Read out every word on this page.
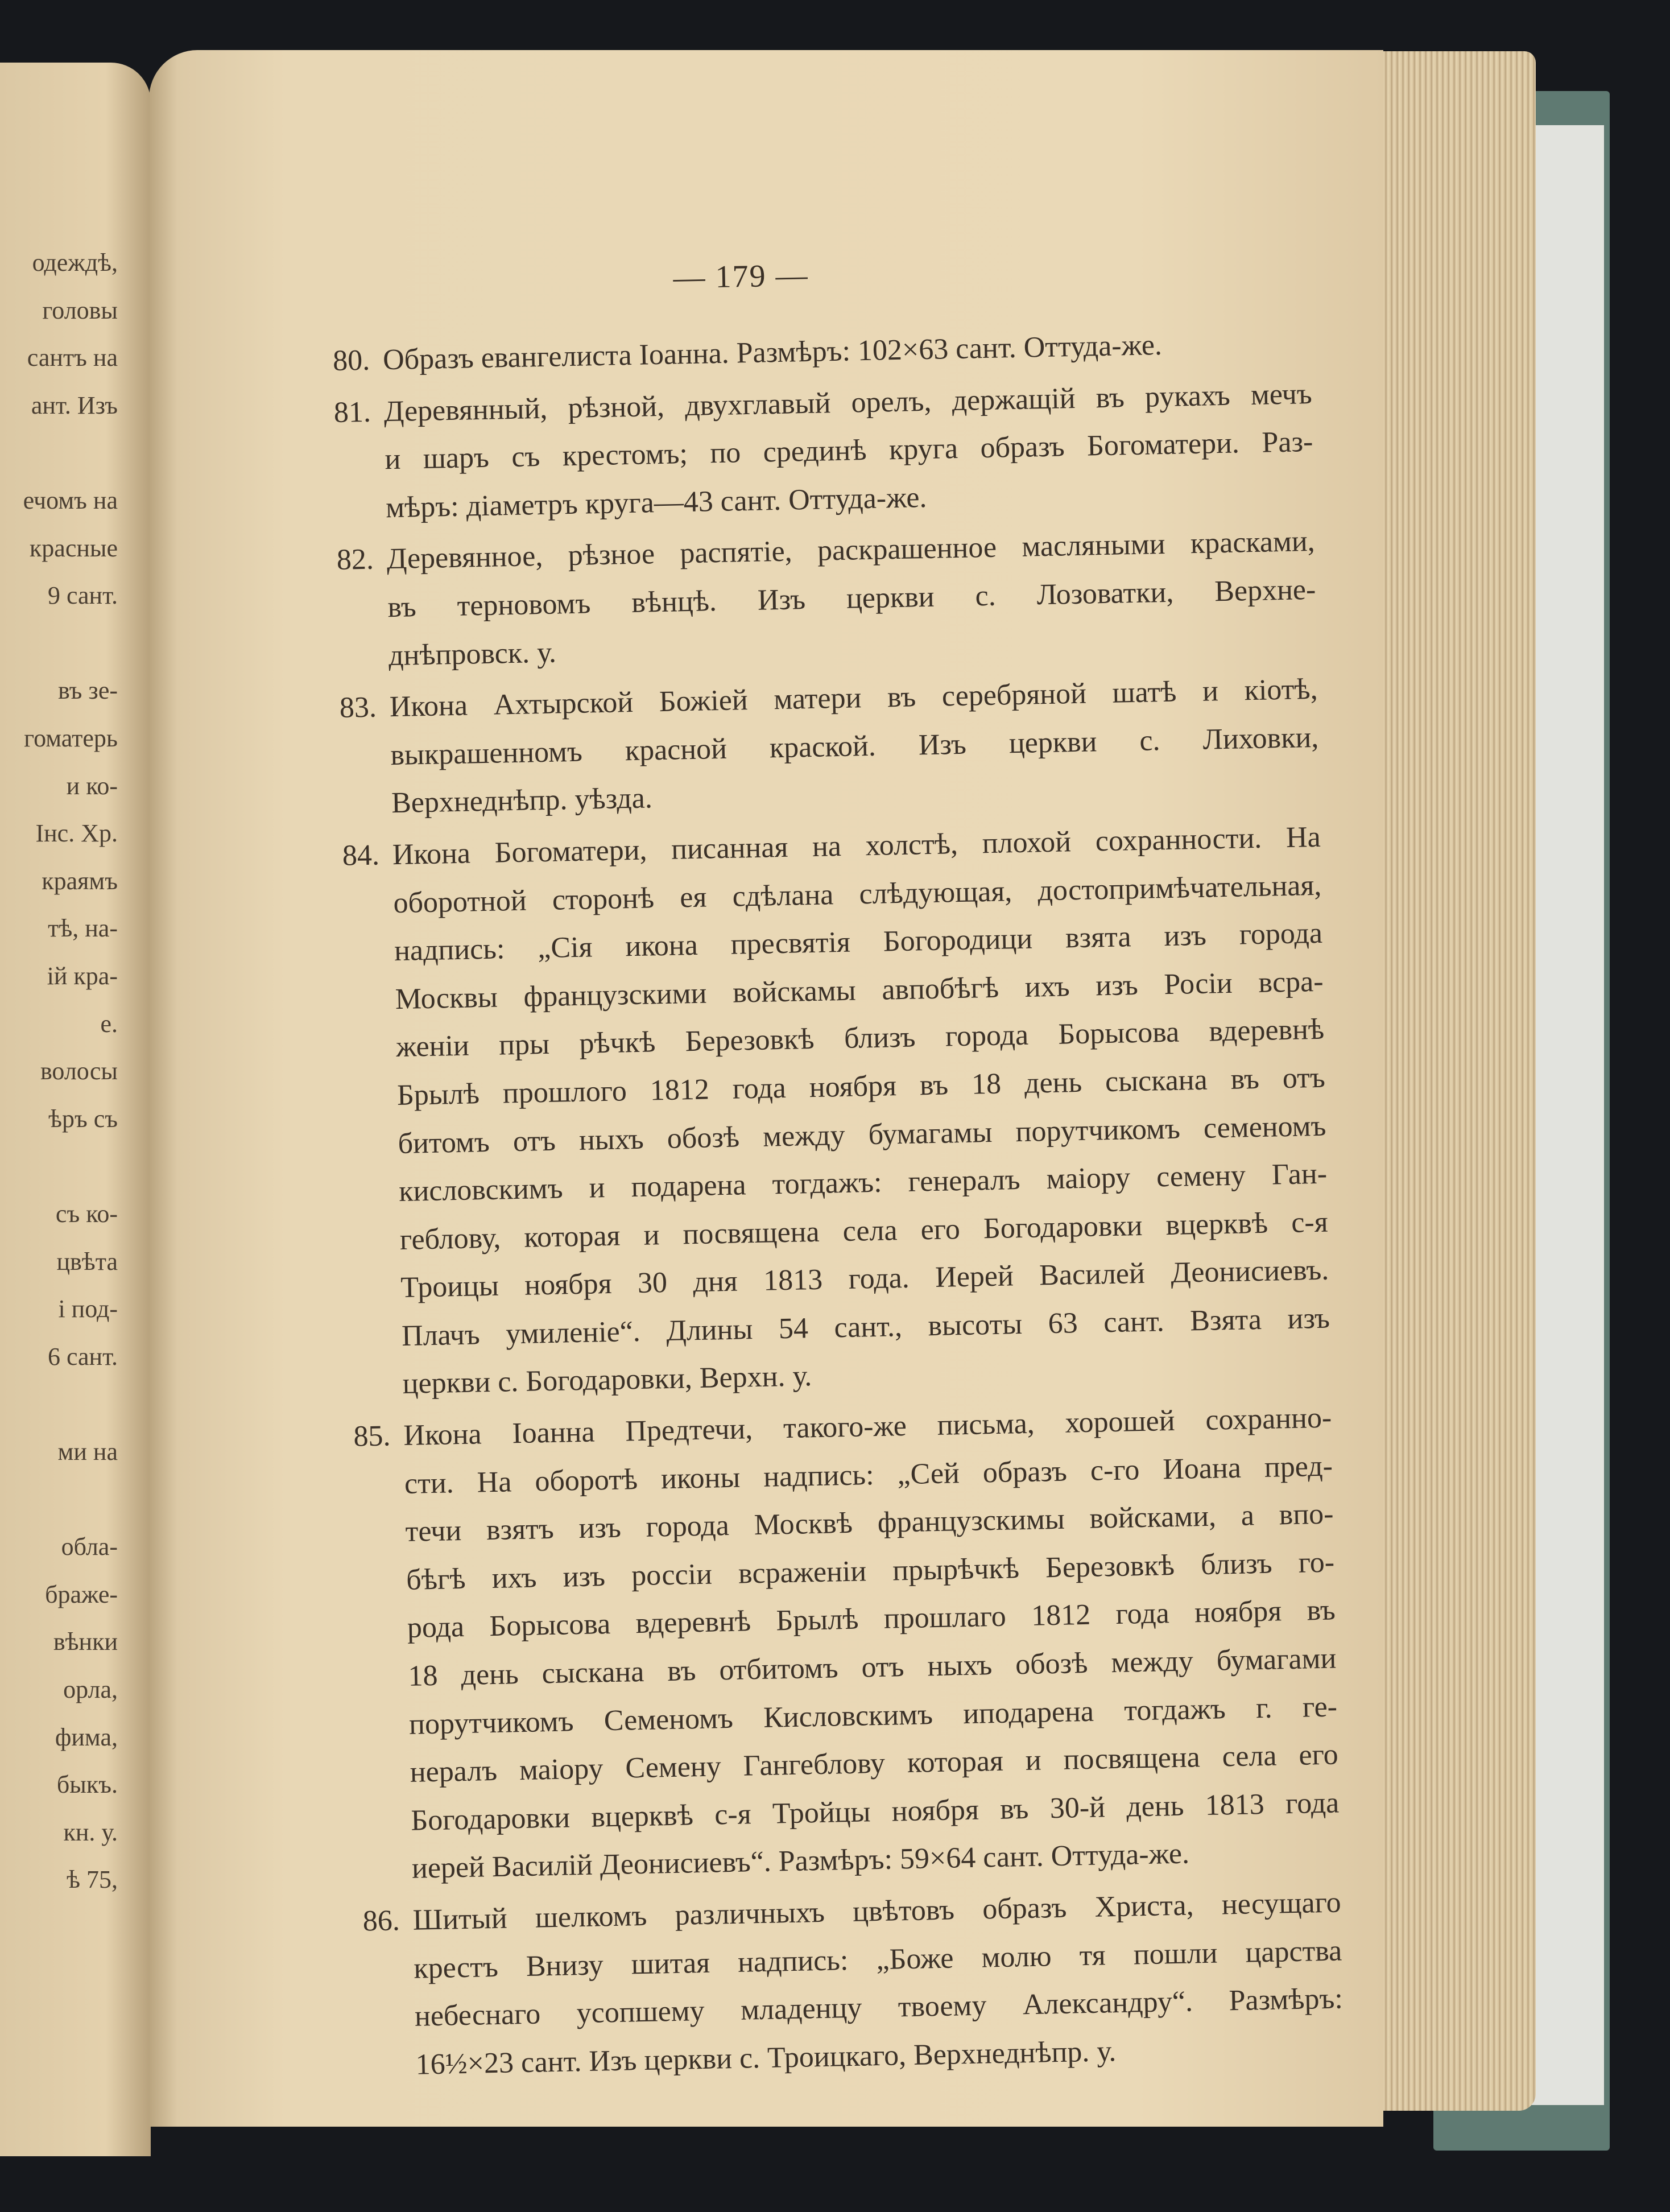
одеждѣ,
головы
сантъ на
ант. Изъ
ечомъ на
красные
9 сант.
въ зе-
гоматерь
и ко-
Інс. Хр.
краямъ
тѣ, на-
ій кра-
е.
волосы
ѣръ съ
съ ко-
цвѣта
і под-
6 сант.
ми на
обла-
браже-
вѣнки
орла,
фима,
быкъ.
кн. у.
ѣ 75,
— 179 —
80. Образъ евангелиста Іоанна. Размѣръ: 102×63 сант. Оттуда-же.
81. Деревянный, рѣзной, двухглавый орелъ, держащій въ рукахъ мечъ
и шаръ съ крестомъ; по срединѣ круга образъ Богоматери. Раз-
мѣръ: діаметръ круга—43 сант. Оттуда-же.
82. Деревянное, рѣзное распятіе, раскрашенное масляными красками,
въ терновомъ вѣнцѣ. Изъ церкви с. Лозоватки, Верхне-
днѣпровск. у.
83. Икона Ахтырской Божіей матери въ серебряной шатѣ и кіотѣ,
выкрашенномъ красной краской. Изъ церкви с. Лиховки,
Верхнеднѣпр. уѣзда.
84. Икона Богоматери, писанная на холстѣ, плохой сохранности. На
оборотной сторонѣ ея сдѣлана слѣдующая, достопримѣчательная,
надпись: „Сія икона пресвятія Богородици взята изъ города
Москвы французскими войскамы авпобѣгѣ ихъ изъ Росіи вcра-
женіи пры рѣчкѣ Березовкѣ близъ города Борысова вдеревнѣ
Брылѣ прошлого 1812 года ноября въ 18 день сыскана въ отъ
битомъ отъ ныхъ обозѣ между бумагамы порутчикомъ семеномъ
кисловскимъ и подарена тогдажъ: генералъ маіору семену Ган-
геблову, которая и посвящена села его Богодаровки вцерквѣ с-я
Троицы ноября 30 дня 1813 года. Иерей Василей Деонисиевъ.
Плачъ умиленіе“. Длины 54 сант., высоты 63 сант. Взята изъ
церкви с. Богодаровки, Верхн. у.
85. Икона Іоанна Предтечи, такого-же письма, хорошей сохранно-
сти. На оборотѣ иконы надпись: „Сей образъ с-го Иоана пред-
течи взятъ изъ города Москвѣ французскимы войсками, а впо-
бѣгѣ ихъ изъ россіи вcраженіи прырѣчкѣ Березовкѣ близъ го-
рода Борысова вдеревнѣ Брылѣ прошлаго 1812 года ноября въ
18 день сыскана въ отбитомъ отъ ныхъ обозѣ между бумагами
порутчикомъ Семеномъ Кисловскимъ иподарена тогдажъ г. ге-
нералъ маіору Семену Гангеблову которая и посвящена села его
Богодаровки вцерквѣ с-я Тройцы ноября въ 30-й день 1813 года
иерей Василій Деонисиевъ“. Размѣръ: 59×64 сант. Оттуда-же.
86. Шитый шелкомъ различныхъ цвѣтовъ образъ Христа, несущаго
крестъ Внизу шитая надпись: „Боже молю тя пошли царства
небеснаго усопшему младенцу твоему Александру“. Размѣръ:
16½×23 сант. Изъ церкви с. Троицкаго, Верхнеднѣпр. у.
